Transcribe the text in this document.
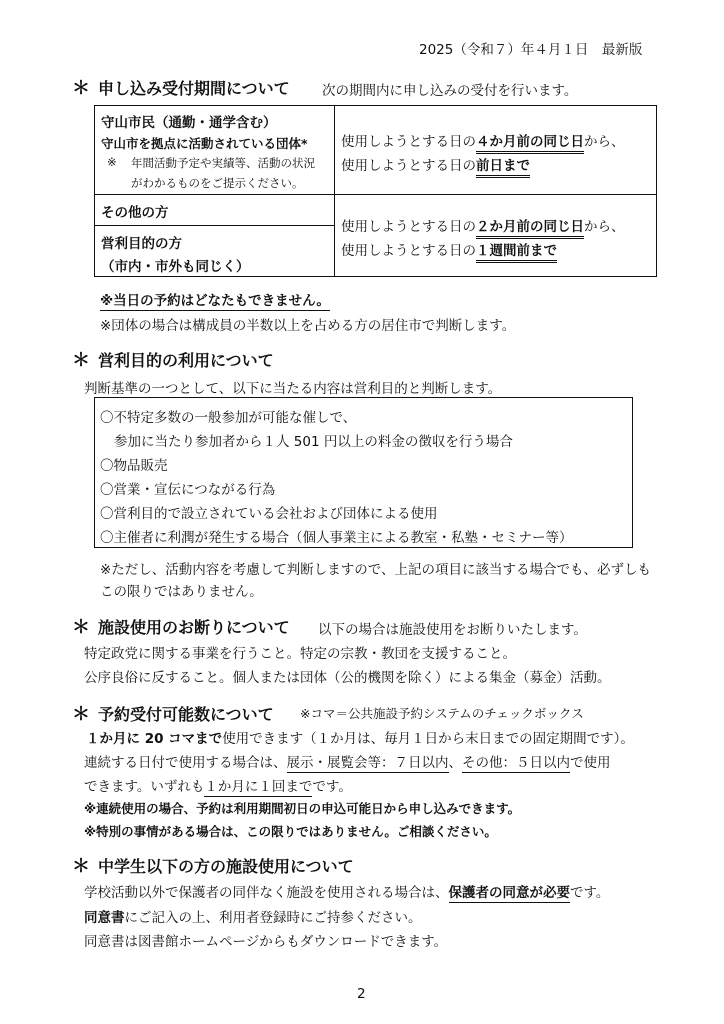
2025（令和７）年４月１日　最新版
＊ 申し込み受付期間について 次の期間内に申し込みの受付を行います。
守山市民（通勤・通学含む）
守山市を拠点に活動されている団体*
※ 年間活動予定や実績等、活動の状況
がわかるものをご提示ください。
使用しようとする日の４か月前の同じ日から、
使用しようとする日の前日まで
その他の方
営利目的の方
（市内・市外も同じく）
使用しようとする日の２か月前の同じ日から、
使用しようとする日の１週間前まで
※当日の予約はどなたもできません。
※団体の場合は構成員の半数以上を占める方の居住市で判断します。
＊ 営利目的の利用について
判断基準の一つとして、以下に当たる内容は営利目的と判断します。
〇不特定多数の一般参加が可能な催しで、
参加に当たり参加者から１人 501 円以上の料金の徴収を行う場合
〇物品販売
〇営業・宣伝につながる行為
〇営利目的で設立されている会社および団体による使用
〇主催者に利潤が発生する場合（個人事業主による教室・私塾・セミナー等）
※ただし、活動内容を考慮して判断しますので、上記の項目に該当する場合でも、必ずしも
この限りではありません。
＊ 施設使用のお断りについて 以下の場合は施設使用をお断りいたします。
特定政党に関する事業を行うこと。特定の宗教・教団を支援すること。
公序良俗に反すること。個人または団体（公的機関を除く）による集金（募金）活動。
＊ 予約受付可能数について ※コマ＝公共施設予約システムのチェックボックス
１か月に 20 コマまで使用できます（１か月は、毎月１日から末日までの固定期間です）。
連続する日付で使用する場合は、展示・展覧会等：７日以内、その他：５日以内で使用
できます。いずれも１か月に１回までです。
※連続使用の場合、予約は利用期間初日の申込可能日から申し込みできます。
※特別の事情がある場合は、この限りではありません。ご相談ください。
＊ 中学生以下の方の施設使用について
学校活動以外で保護者の同伴なく施設を使用される場合は、保護者の同意が必要です。
同意書にご記入の上、利用者登録時にご持参ください。
同意書は図書館ホームページからもダウンロードできます。
2
